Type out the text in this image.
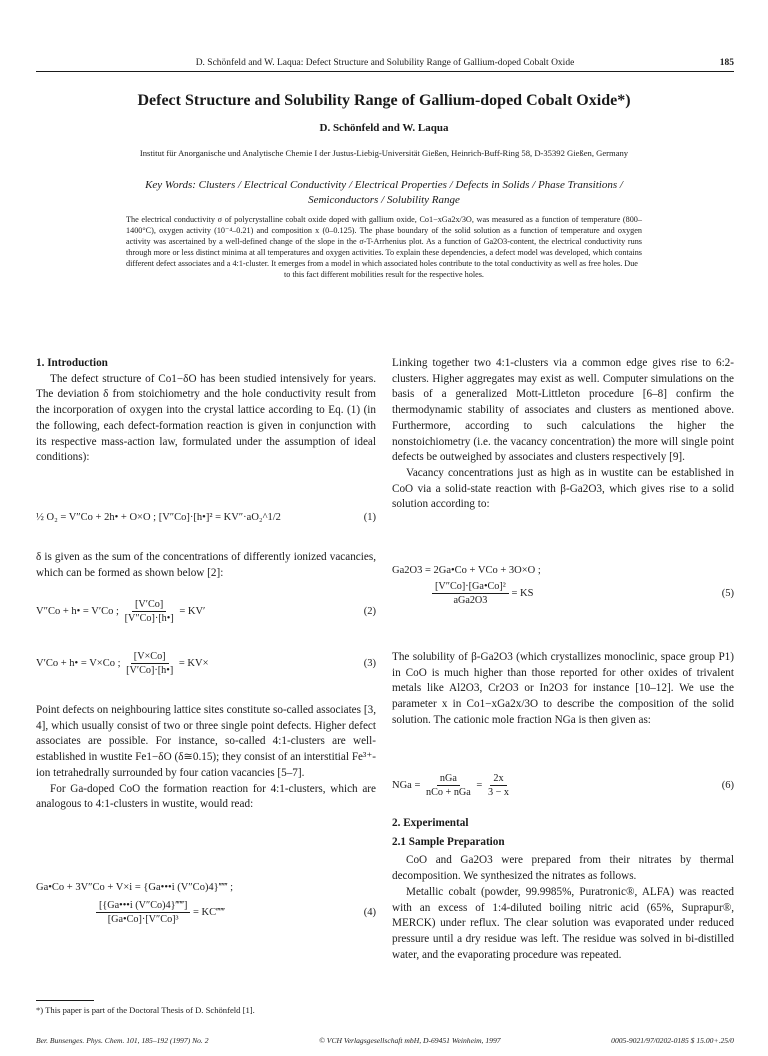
D. Schönfeld and W. Laqua: Defect Structure and Solubility Range of Gallium-doped Cobalt Oxide	185
Defect Structure and Solubility Range of Gallium-doped Cobalt Oxide*)
D. Schönfeld and W. Laqua
Institut für Anorganische und Analytische Chemie I der Justus-Liebig-Universität Gießen, Heinrich-Buff-Ring 58, D-35392 Gießen, Germany
Key Words: Clusters / Electrical Conductivity / Electrical Properties / Defects in Solids / Phase Transitions /
Semiconductors / Solubility Range
The electrical conductivity σ of polycrystalline cobalt oxide doped with gallium oxide, Co1−xGa2x/3O, was measured as a function of temperature (800–1400°C), oxygen activity (10⁻⁴–0.21) and composition x (0–0.125). The phase boundary of the solid solution as a function of temperature and oxygen activity was ascertained by a well-defined change of the slope in the σ-T-Arrhenius plot. As a function of Ga2O3-content, the electrical conductivity runs through more or less distinct minima at all temperatures and oxygen activities. To explain these dependencies, a defect model was developed, which contains different defect associates and a 4:1-cluster. It emerges from a model in which associated holes contribute to the total conductivity as well as free holes. Due
to this fact different mobilities result for the respective holes.

1. Introduction

The defect structure of Co1−δO has been studied intensively for years. The deviation δ from stoichiometry and the hole conductivity result from the incorporation of oxygen into the crystal lattice according to Eq. (1) (in the following, each defect-formation reaction is given in conjunction with its respective mass-action law, formulated under the assumption of ideal conditions):

½ O₂ = V″Co + 2h• + O×O ; [V″Co]·[h•]² = KV″·aO₂^1/2	(1)

δ is given as the sum of the concentrations of differently ionized vacancies, which can be formed as shown below [2]:

V″Co + h• = V′Co ; $\frac{[V'Co]}{[V''Co]\cdot[h•]} = KV'$	(2)
V′Co + h• = V×Co ; $\frac{[V\times Co]}{[V'Co]\cdot[h•]} = KV\times$	(3)

Point defects on neighbouring lattice sites constitute so-called associates [3, 4], which usually consist of two or three single point defects. Higher defect associates are possible. For instance, so-called 4:1-clusters are well-established in wustite Fe1−δO (δ≅0.15); they consist of an interstitial Fe³⁺-ion tetrahedrally surrounded by four cation vacancies [5–7].

For Ga-doped CoO the formation reaction for 4:1-clusters, which are analogous to 4:1-clusters in wustite, would read:

Ga•Co + 3V″Co + V×i = {Ga•••i (V″Co)4}‴‴ ;
$\frac{[\{Ga•••i (V''Co)4\}‴‴]}{\text{[Ga•Co]·[V″Co]³}}$ = KC‴‴	(4)

Linking together two 4:1-clusters via a common edge gives rise to 6:2-clusters. Higher aggregates may exist as well. Computer simulations on the basis of a generalized Mott-Littleton procedure [6–8] confirm the thermodynamic stability of associates and clusters as mentioned above. Furthermore, according to such calculations the higher the nonstoichiometry (i.e. the vacancy concentration) the more will single point defects be outweighed by associates and clusters respectively [9].

Vacancy concentrations just as high as in wustite can be established in CoO via a solid-state reaction with β-Ga2O3, which gives rise to a solid solution according to:

Ga2O3 = 2Ga•Co + VCo + 3O×O ;
$\frac{\text{[V″Co]·[Ga•Co]²}}{\text{aGa2O3}}$ = KS	(5)

The solubility of β-Ga2O3 (which crystallizes monoclinic, space group P1) in CoO is much higher than those reported for other oxides of trivalent metals like Al2O3, Cr2O3 or In2O3 for instance [10–12]. We use the parameter x in Co1−xGa2x/3O to describe the composition of the solid solution. The cationic mole fraction NGa is then given as:

NGa = $\frac{\text{nGa}}{\text{nCo + nGa}} = \frac{2x}{3 - x}$	(6)

2. Experimental

2.1 Sample Preparation

CoO and Ga2O3 were prepared from their nitrates by thermal decomposition. We synthesized the nitrates as follows.

Metallic cobalt (powder, 99.9985%, Puratronic®, ALFA) was reacted with an excess of 1:4-diluted boiling nitric acid (65%, Suprapur®, MERCK) under reflux. The clear solution was evaporated under reduced pressure until a dry residue was left. The residue was solved in bi-distilled water, and the evaporating procedure was repeated.

*) This paper is part of the Doctoral Thesis of D. Schönfeld [1].
Ber. Bunsenges. Phys. Chem. 101, 185–192 (1997) No. 2	© VCH Verlagsgesellschaft mbH, D-69451 Weinheim, 1997	0005-9021/97/0202-0185 $ 15.00+.25/0
